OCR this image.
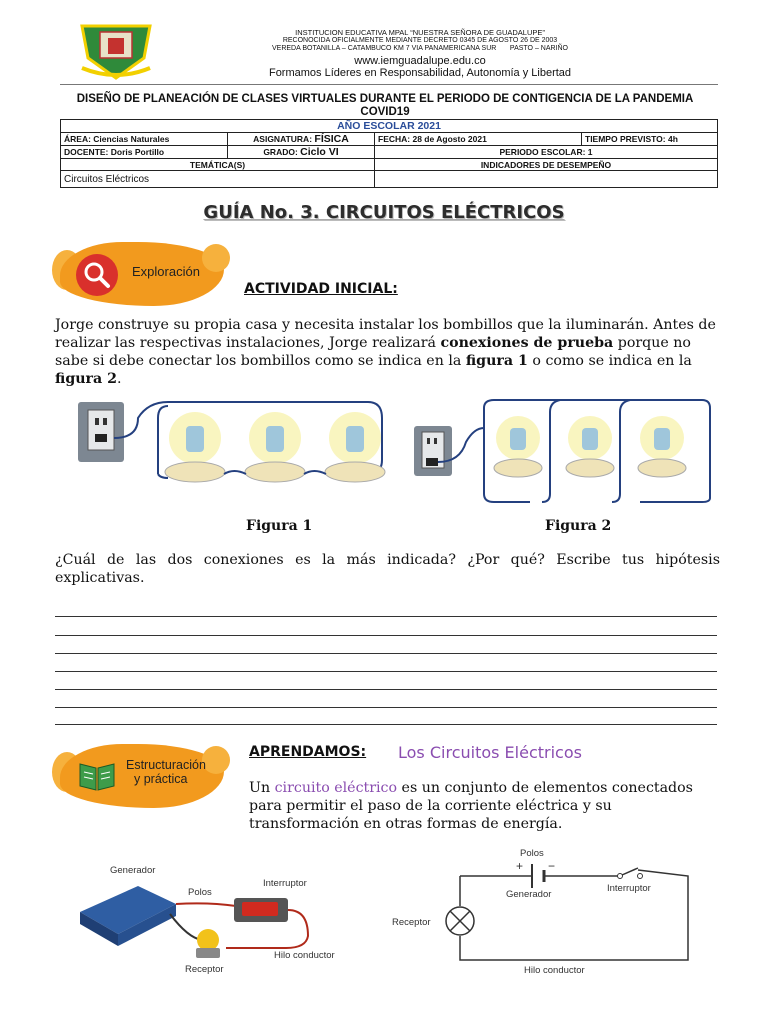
INSTITUCION EDUCATIVA MPAL “NUESTRA SEÑORA DE GUADALUPE”
RECONOCIDA OFICIALMENTE MEDIANTE DECRETO 0345 DE AGOSTO 26 DE 2003
VEREDA BOTANILLA – CATAMBUCO KM 7 VIA PANAMERICANA SUR       PASTO – NARIÑO
www.iemguadalupe.edu.co
Formamos Líderes en Responsabilidad, Autonomía y Libertad
DISEÑO DE PLANEACIÓN DE CLASES VIRTUALES DURANTE EL PERIODO DE CONTIGENCIA DE LA PANDEMIA COVID19
AÑO ESCOLAR 2021			
ÁREA: Ciencias Naturales	ASIGNATURA: FÍSICA	FECHA: 28 de Agosto 2021	TIEMPO PREVISTO: 4h
DOCENTE: Doris Portillo	GRADO: Ciclo VI	PERIODO ESCOLAR: 1	
TEMÁTICA(S)		INDICADORES DE DESEMPEÑO	
Circuitos Eléctricos			
GUÍA No. 3. CIRCUITOS ELÉCTRICOS
Exploración
ACTIVIDAD INICIAL:
Jorge construye su propia casa y necesita instalar los bombillos que la iluminarán. Antes de realizar las respectivas instalaciones, Jorge realizará conexiones de prueba porque no sabe si debe conectar los bombillos como se indica en la figura 1 o como se indica en la figura 2.
Figura 1	Figura 2
¿Cuál de las dos conexiones es la más indicada? ¿Por qué? Escribe tus hipótesis explicativas.
Estructuración
y práctica
APRENDAMOS: Los Circuitos Eléctricos
Un circuito eléctrico es un conjunto de elementos conectados para permitir el paso de la corriente eléctrica y su transformación en otras formas de energía.
Generador
Polos
Interruptor
Receptor
Hilo conductor
Polos
Generador
Interruptor
Receptor
Hilo conductor
+ −
